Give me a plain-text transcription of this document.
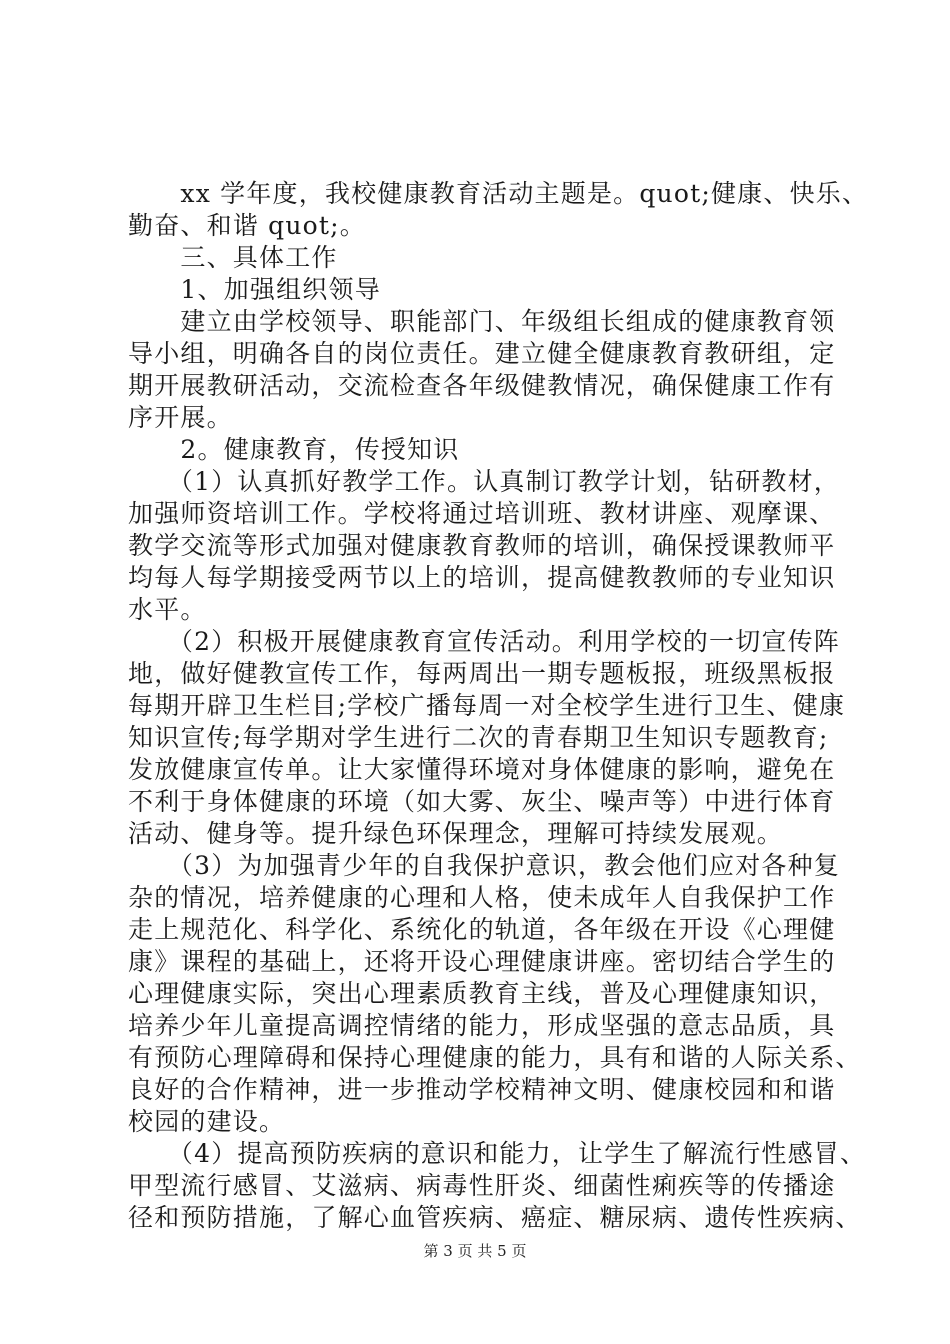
　　xx 学年度，我校健康教育活动主题是。quot;健康、快乐、
勤奋、和谐 quot;。
　　三、具体工作
　　1、加强组织领导
　　建立由学校领导、职能部门、年级组长组成的健康教育领
导小组，明确各自的岗位责任。建立健全健康教育教研组，定
期开展教研活动，交流检查各年级健教情况，确保健康工作有
序开展。
　　2。健康教育，传授知识
　　（1）认真抓好教学工作。认真制订教学计划，钻研教材，
加强师资培训工作。学校将通过培训班、教材讲座、观摩课、
教学交流等形式加强对健康教育教师的培训，确保授课教师平
均每人每学期接受两节以上的培训，提高健教教师的专业知识
水平。
　　（2）积极开展健康教育宣传活动。利用学校的一切宣传阵
地，做好健教宣传工作，每两周出一期专题板报，班级黑板报
每期开辟卫生栏目;学校广播每周一对全校学生进行卫生、健康
知识宣传;每学期对学生进行二次的青春期卫生知识专题教育;
发放健康宣传单。让大家懂得环境对身体健康的影响，避免在
不利于身体健康的环境（如大雾、灰尘、噪声等）中进行体育
活动、健身等。提升绿色环保理念，理解可持续发展观。
　　（3）为加强青少年的自我保护意识，教会他们应对各种复
杂的情况，培养健康的心理和人格，使未成年人自我保护工作
走上规范化、科学化、系统化的轨道，各年级在开设《心理健
康》课程的基础上，还将开设心理健康讲座。密切结合学生的
心理健康实际，突出心理素质教育主线，普及心理健康知识，
培养少年儿童提高调控情绪的能力，形成坚强的意志品质，具
有预防心理障碍和保持心理健康的能力，具有和谐的人际关系、
良好的合作精神，进一步推动学校精神文明、健康校园和和谐
校园的建设。
　　（4）提高预防疾病的意识和能力，让学生了解流行性感冒、
甲型流行感冒、艾滋病、病毒性肝炎、细菌性痢疾等的传播途
径和预防措施，了解心血管疾病、癌症、糖尿病、遗传性疾病、
第 3 页 共 5 页
